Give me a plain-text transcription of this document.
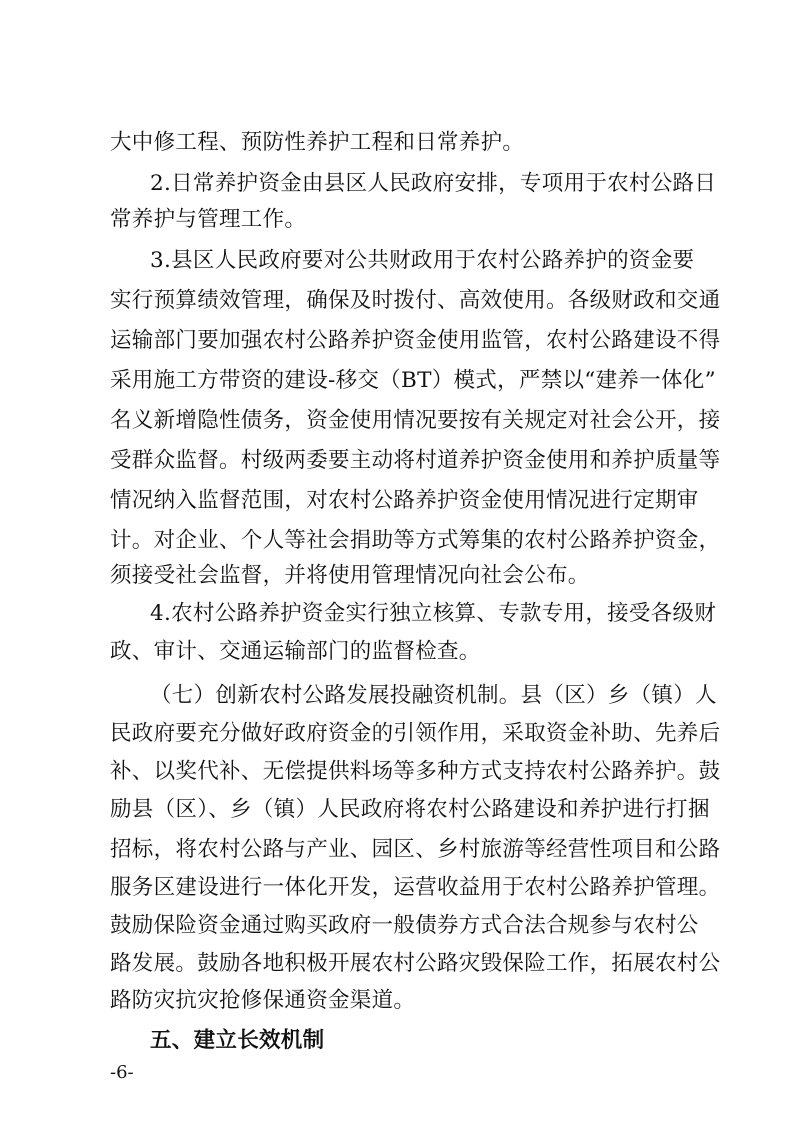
大中修工程、预防性养护工程和日常养护。
2.日常养护资金由县区人民政府安排，专项用于农村公路日
常养护与管理工作。
3.县区人民政府要对公共财政用于农村公路养护的资金要
实行预算绩效管理，确保及时拨付、高效使用。各级财政和交通
运输部门要加强农村公路养护资金使用监管，农村公路建设不得
采用施工方带资的建设-移交（BT）模式，严禁以“建养一体化”
名义新增隐性债务，资金使用情况要按有关规定对社会公开，接
受群众监督。村级两委要主动将村道养护资金使用和养护质量等
情况纳入监督范围，对农村公路养护资金使用情况进行定期审
计。对企业、个人等社会捐助等方式筹集的农村公路养护资金，
须接受社会监督，并将使用管理情况向社会公布。
4.农村公路养护资金实行独立核算、专款专用，接受各级财
政、审计、交通运输部门的监督检查。
（七）创新农村公路发展投融资机制。县（区）乡（镇）人
民政府要充分做好政府资金的引领作用，采取资金补助、先养后
补、以奖代补、无偿提供料场等多种方式支持农村公路养护。鼓
励县（区）、乡（镇）人民政府将农村公路建设和养护进行打捆
招标，将农村公路与产业、园区、乡村旅游等经营性项目和公路
服务区建设进行一体化开发，运营收益用于农村公路养护管理。
鼓励保险资金通过购买政府一般债券方式合法合规参与农村公
路发展。鼓励各地积极开展农村公路灾毁保险工作，拓展农村公
路防灾抗灾抢修保通资金渠道。
五、建立长效机制
-6-
